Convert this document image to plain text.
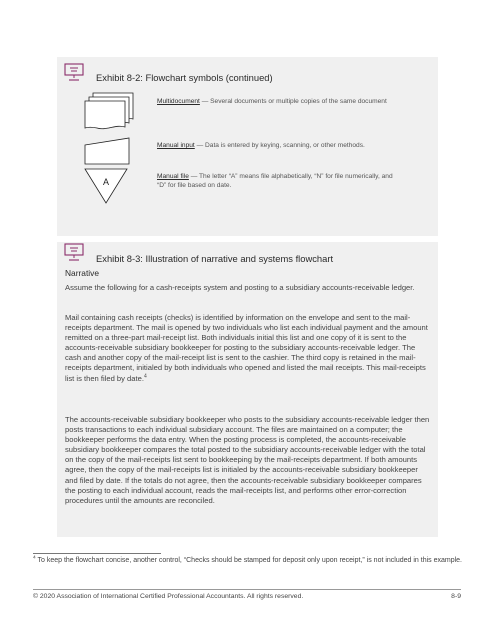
Exhibit 8-2: Flowchart symbols (continued)
Multidocument — Several documents or multiple copies of the same document
Manual input — Data is entered by keying, scanning, or other methods.
A
Manual file — The letter “A” means file alphabetically, “N” for file numerically, and “D” for file based on date.
Exhibit 8-3: Illustration of narrative and systems flowchart
Narrative

Assume the following for a cash-receipts system and posting to a subsidiary accounts-receivable ledger.

Mail containing cash receipts (checks) is identified by information on the envelope and sent to the mail-receipts department. The mail is opened by two individuals who list each individual payment and the amount remitted on a three-part mail-receipt list. Both individuals initial this list and one copy of it is sent to the accounts-receivable subsidiary bookkeeper for posting to the subsidiary accounts-receivable ledger. The cash and another copy of the mail-receipt list is sent to the cashier. The third copy is retained in the mail-receipts department, initialed by both individuals who opened and listed the mail receipts. This mail-receipts list is then filed by date.$^4$

The accounts-receivable subsidiary bookkeeper who posts to the subsidiary accounts-receivable ledger then posts transactions to each individual subsidiary account. The files are maintained on a computer; the bookkeeper performs the data entry. When the posting process is completed, the accounts-receivable subsidiary bookkeeper compares the total posted to the subsidiary accounts-receivable ledger with the total on the copy of the mail-receipts list sent to bookkeeping by the mail-receipts department. If both amounts agree, then the copy of the mail-receipts list is initialed by the accounts-receivable subsidiary bookkeeper and filed by date. If the totals do not agree, then the accounts-receivable subsidiary bookkeeper compares the posting to each individual account, reads the mail-receipts list, and performs other error-correction procedures until the amounts are reconciled.

$^4$ To keep the flowchart concise, another control, “Checks should be stamped for deposit only upon receipt,” is not included in this example.

© 2020 Association of International Certified Professional Accountants. All rights reserved.	8-9
